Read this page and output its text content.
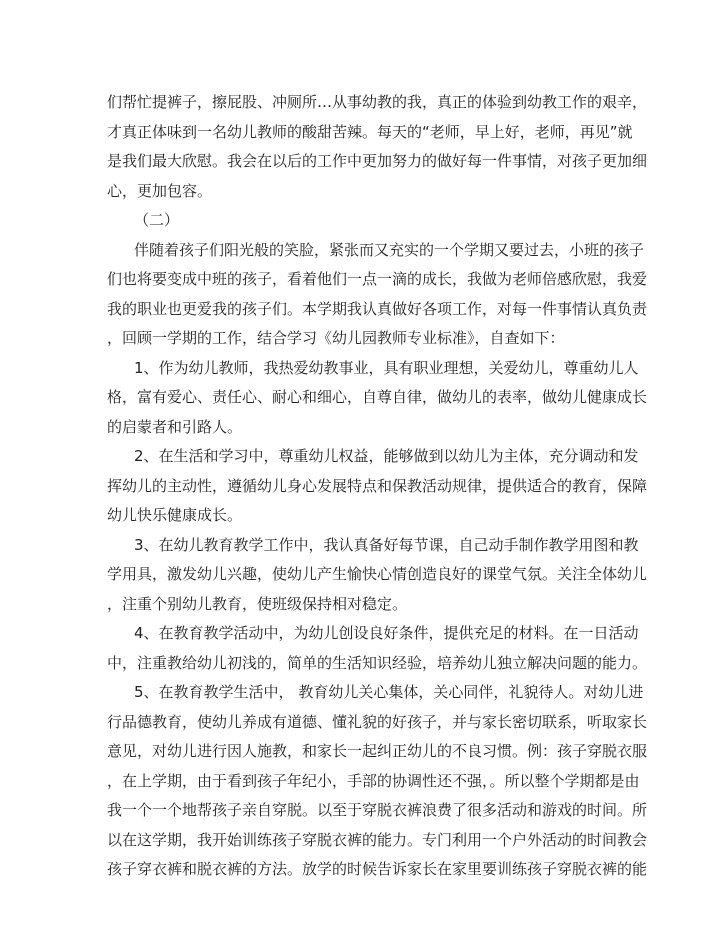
们帮忙提裤子，擦屁股、冲厕所…从事幼教的我，真正的体验到幼教工作的艰辛，
才真正体味到一名幼儿教师的酸甜苦辣。每天的“老师，早上好，老师，再见”就
是我们最大欣慰。我会在以后的工作中更加努力的做好每一件事情，对孩子更加细
心，更加包容。
（二）
伴随着孩子们阳光般的笑脸，紧张而又充实的一个学期又要过去，小班的孩子
们也将要变成中班的孩子，看着他们一点一滴的成长，我做为老师倍感欣慰，我爱
我的职业也更爱我的孩子们。本学期我认真做好各项工作，对每一件事情认真负责
，回顾一学期的工作，结合学习《幼儿园教师专业标准》，自查如下：
1、作为幼儿教师，我热爱幼教事业，具有职业理想，关爱幼儿，尊重幼儿人
格，富有爱心、责任心、耐心和细心，自尊自律，做幼儿的表率，做幼儿健康成长
的启蒙者和引路人。
2、在生活和学习中，尊重幼儿权益，能够做到以幼儿为主体，充分调动和发
挥幼儿的主动性，遵循幼儿身心发展特点和保教活动规律，提供适合的教育，保障
幼儿快乐健康成长。
3、在幼儿教育教学工作中，我认真备好每节课，自己动手制作教学用图和教
学用具，激发幼儿兴趣，使幼儿产生愉快心情创造良好的课堂气氛。关注全体幼儿
，注重个别幼儿教育，使班级保持相对稳定。
4、在教育教学活动中，为幼儿创设良好条件，提供充足的材料。在一日活动
中，注重教给幼儿初浅的，简单的生活知识经验，培养幼儿独立解决问题的能力。
5、在教育教学生活中， 教育幼儿关心集体，关心同伴，礼貌待人。对幼儿进
行品德教育，使幼儿养成有道德、懂礼貌的好孩子，并与家长密切联系，听取家长
意见，对幼儿进行因人施教，和家长一起纠正幼儿的不良习惯。例：孩子穿脱衣服
，在上学期，由于看到孩子年纪小，手部的协调性还不强，。所以整个学期都是由
我一个一个地帮孩子亲自穿脱。以至于穿脱衣裤浪费了很多活动和游戏的时间。所
以在这学期，我开始训练孩子穿脱衣裤的能力。专门利用一个户外活动的时间教会
孩子穿衣裤和脱衣裤的方法。放学的时候告诉家长在家里要训练孩子穿脱衣裤的能
